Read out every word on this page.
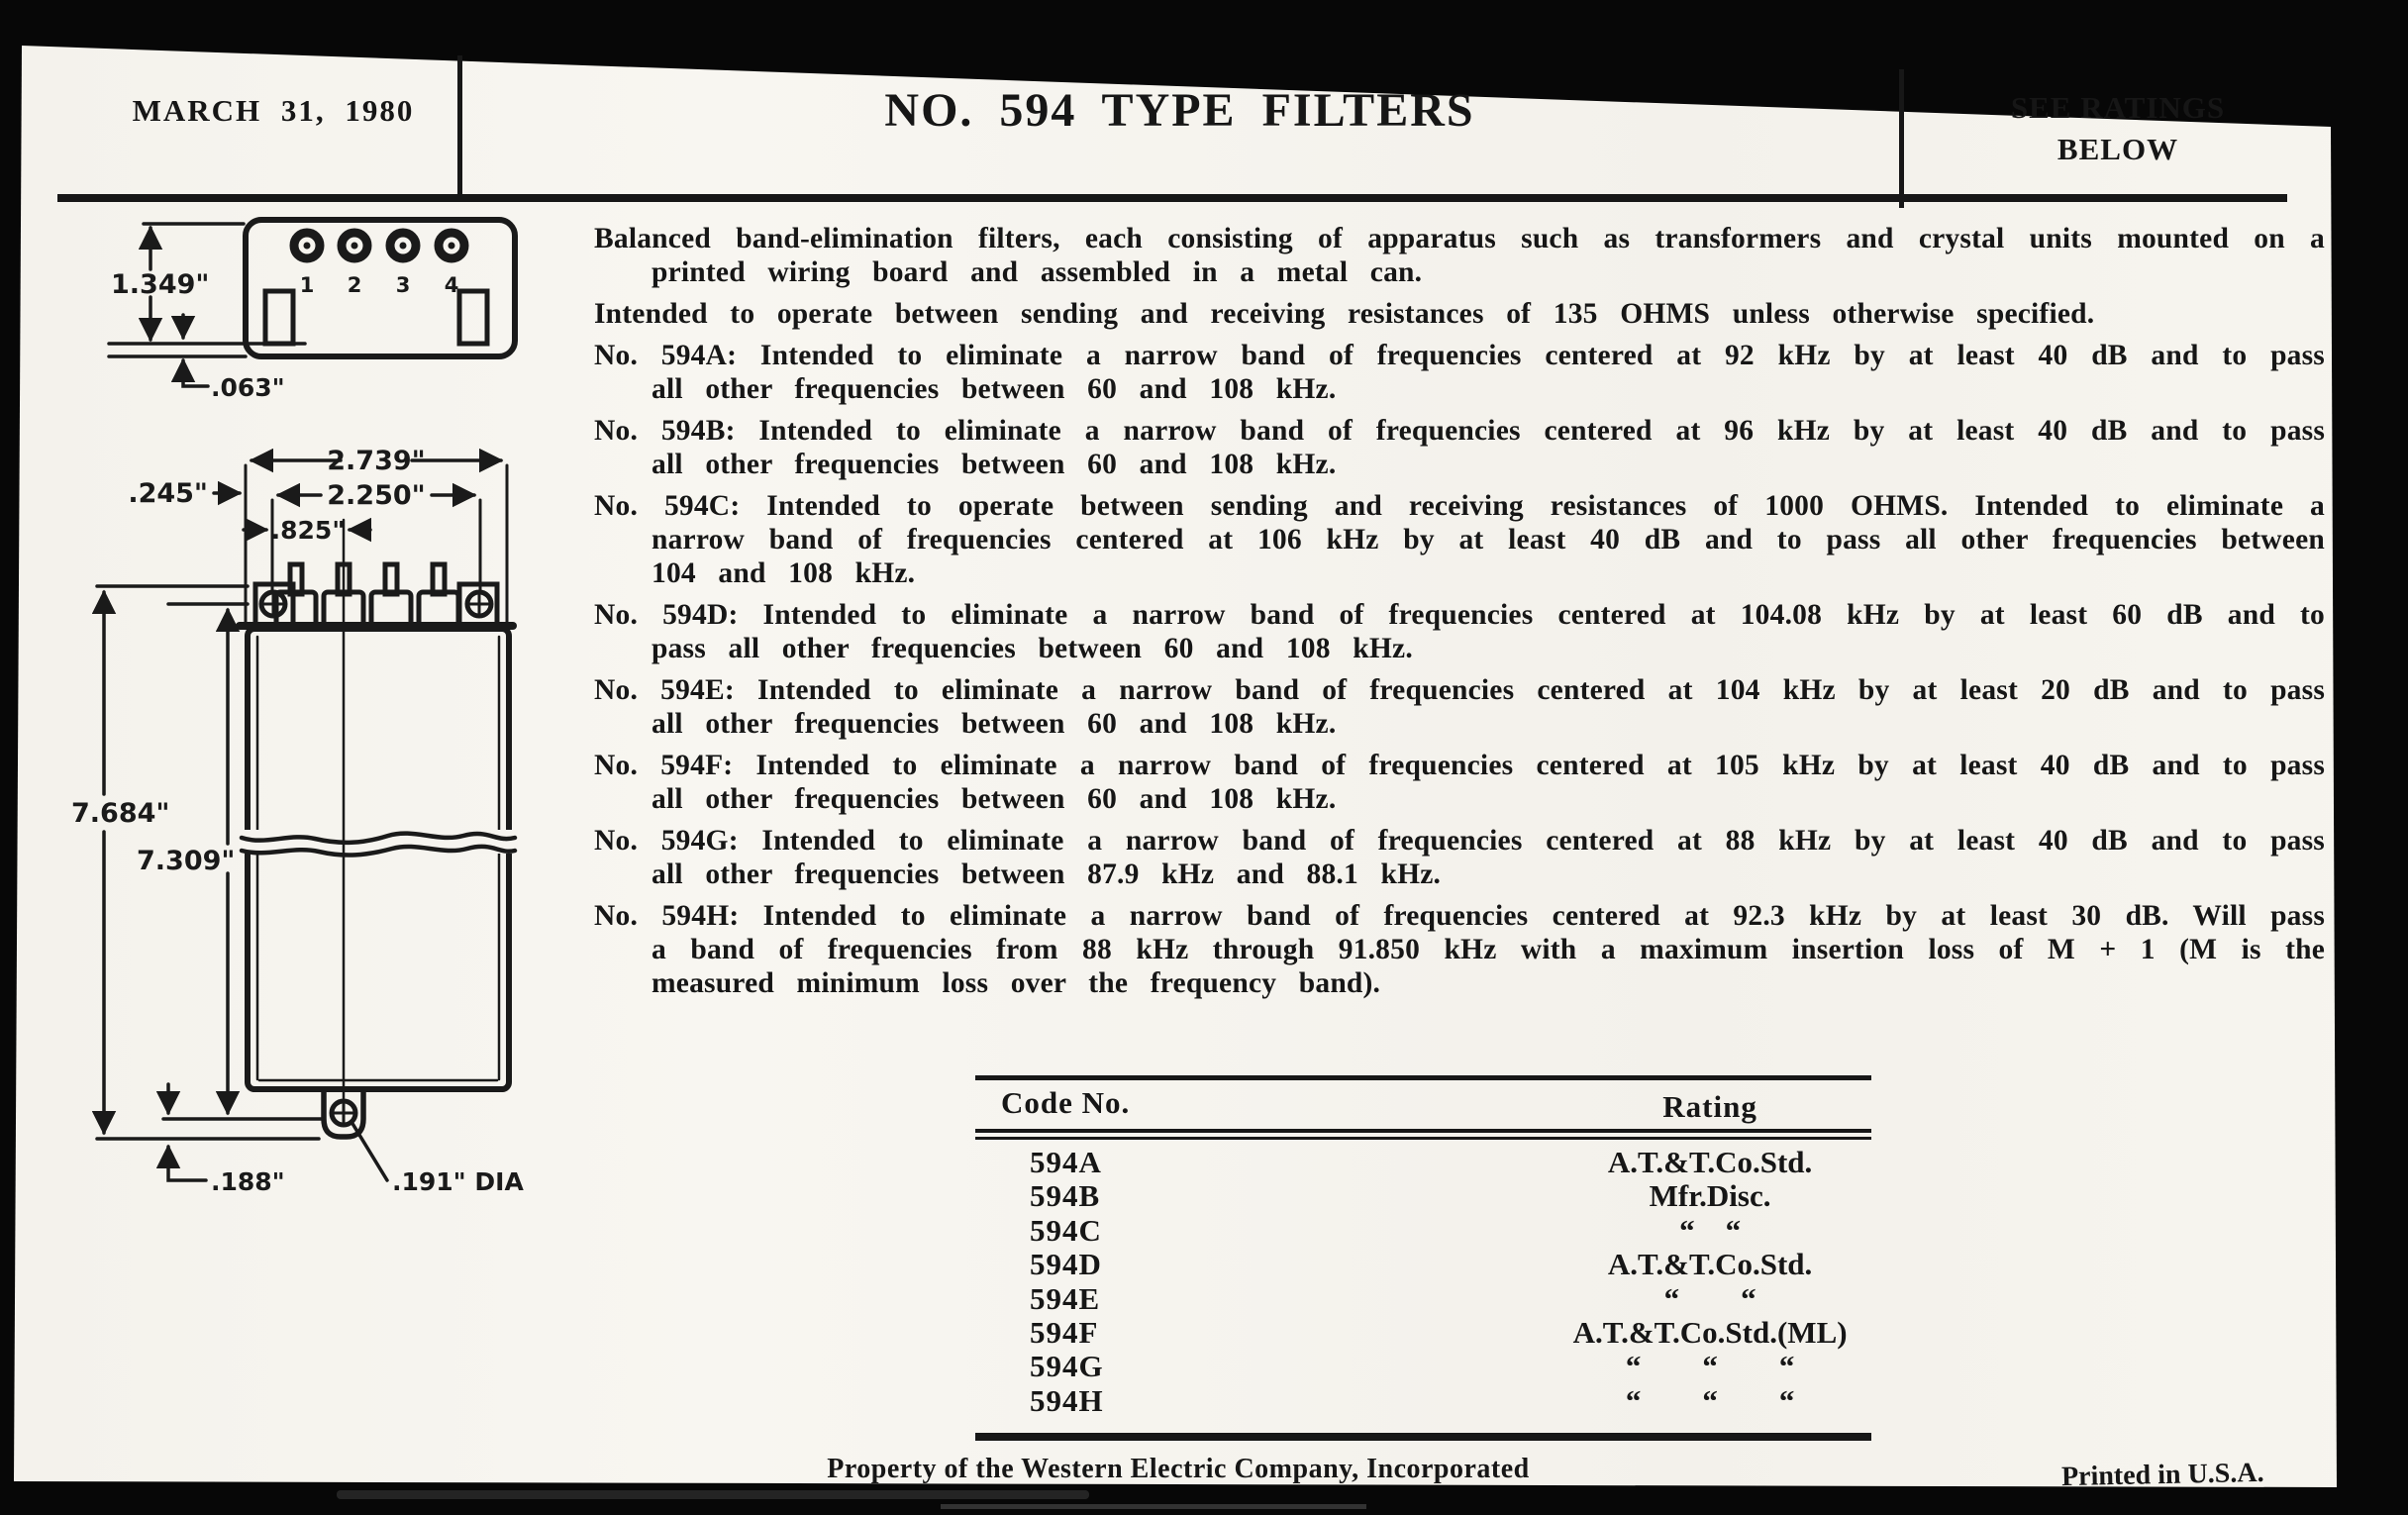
MARCH 31, 1980	NO. 594 TYPE FILTERS	SEE RATINGS
BELOW
1 2 3 4
1.349"
.063"
2.739"
2.250"
.245"
.825"
.191" DIA
7.684"
7.309"
.188"
Balanced band-elimination filters, each consisting of apparatus such as transformers and crystal units mounted on a printed wiring board and assembled in a metal can.
Intended to operate between sending and receiving resistances of 135 OHMS unless otherwise specified.
No. 594A: Intended to eliminate a narrow band of frequencies centered at 92 kHz by at least 40 dB and to pass all other frequencies between 60 and 108 kHz.
No. 594B: Intended to eliminate a narrow band of frequencies centered at 96 kHz by at least 40 dB and to pass all other frequencies between 60 and 108 kHz.
No. 594C: Intended to operate between sending and receiving resistances of 1000 OHMS. Intended to eliminate a narrow band of frequencies centered at 106 kHz by at least 40 dB and to pass all other frequencies between 104 and 108 kHz.
No. 594D: Intended to eliminate a narrow band of frequencies centered at 104.08 kHz by at least 60 dB and to pass all other frequencies between 60 and 108 kHz.
No. 594E: Intended to eliminate a narrow band of frequencies centered at 104 kHz by at least 20 dB and to pass all other frequencies between 60 and 108 kHz.
No. 594F: Intended to eliminate a narrow band of frequencies centered at 105 kHz by at least 40 dB and to pass all other frequencies between 60 and 108 kHz.
No. 594G: Intended to eliminate a narrow band of frequencies centered at 88 kHz by at least 40 dB and to pass all other frequencies between 87.9 kHz and 88.1 kHz.
No. 594H: Intended to eliminate a narrow band of frequencies centered at 92.3 kHz by at least 30 dB. Will pass a band of frequencies from 88 kHz through 91.850 kHz with a maximum insertion loss of M + 1 (M is the measured minimum loss over the frequency band).
Code No.	Rating
594A	A.T.&T.Co.Std.
594B	Mfr.Disc.
594C	“ “
594D	A.T.&T.Co.Std.
594E	“  “
594F	A.T.&T.Co.Std.(ML)
594G	“  “  “
594H	“  “  “
Property of the Western Electric Company, Incorporated	Printed in U.S.A.
